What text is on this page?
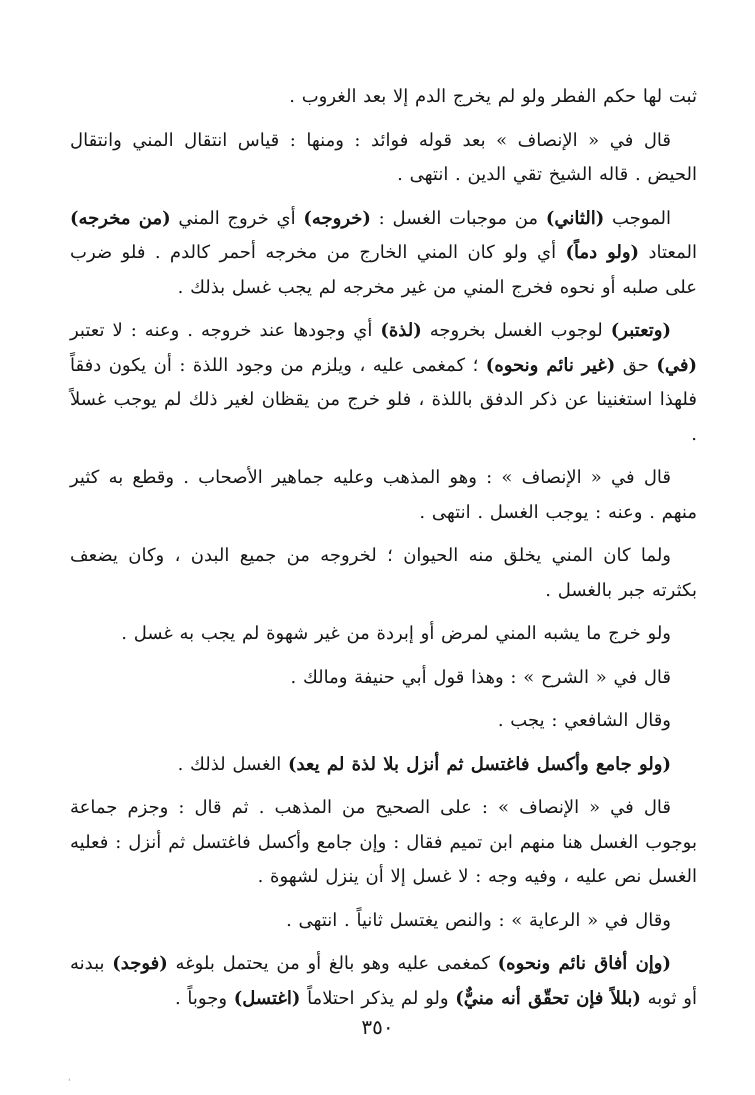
ثبت لها حكم الفطر ولو لم يخرج الدم إلا بعد الغروب .

قال في « الإنصاف » بعد قوله فوائد : ومنها : قياس انتقال المني وانتقال الحيض . قاله الشيخ تقي الدين . انتهى .

الموجب (الثاني) من موجبات الغسل : (خروجه) أي خروج المني (من مخرجه) المعتاد (ولو دماً) أي ولو كان المني الخارج من مخرجه أحمر كالدم . فلو ضرب على صلبه أو نحوه فخرج المني من غير مخرجه لم يجب غسل بذلك .

(وتعتبر) لوجوب الغسل بخروجه (لذة) أي وجودها عند خروجه . وعنه : لا تعتبر (في) حق (غير نائم ونحوه) ؛ كمغمى عليه ، ويلزم من وجود اللذة : أن يكون دفقاً فلهذا استغنينا عن ذكر الدفق باللذة ، فلو خرج من يقظان لغير ذلك لم يوجب غسلاً .

قال في « الإنصاف » : وهو المذهب وعليه جماهير الأصحاب . وقطع به كثير منهم . وعنه : يوجب الغسل . انتهى .

ولما كان المني يخلق منه الحيوان ؛ لخروجه من جميع البدن ، وكان يضعف بكثرته جبر بالغسل .

ولو خرج ما يشبه المني لمرض أو إبردة من غير شهوة لم يجب به غسل .

قال في « الشرح » : وهذا قول أبي حنيفة ومالك .

وقال الشافعي : يجب .

(ولو جامع وأكسل فاغتسل ثم أنزل بلا لذة لم يعد) الغسل لذلك .

قال في « الإنصاف » : على الصحيح من المذهب . ثم قال : وجزم جماعة بوجوب الغسل هنا منهم ابن تميم فقال : وإن جامع وأكسل فاغتسل ثم أنزل : فعليه الغسل نص عليه ، وفيه وجه : لا غسل إلا أن ينزل لشهوة .

وقال في « الرعاية » : والنص يغتسل ثانياً . انتهى .

(وإن أفاق نائم ونحوه) كمغمى عليه وهو بالغ أو من يحتمل بلوغه (فوجد) ببدنه أو ثوبه (بللاً فإن تحقّق أنه منيٌّ) ولو لم يذكر احتلاماً (اغتسل) وجوباً .

٣٥٠
'
